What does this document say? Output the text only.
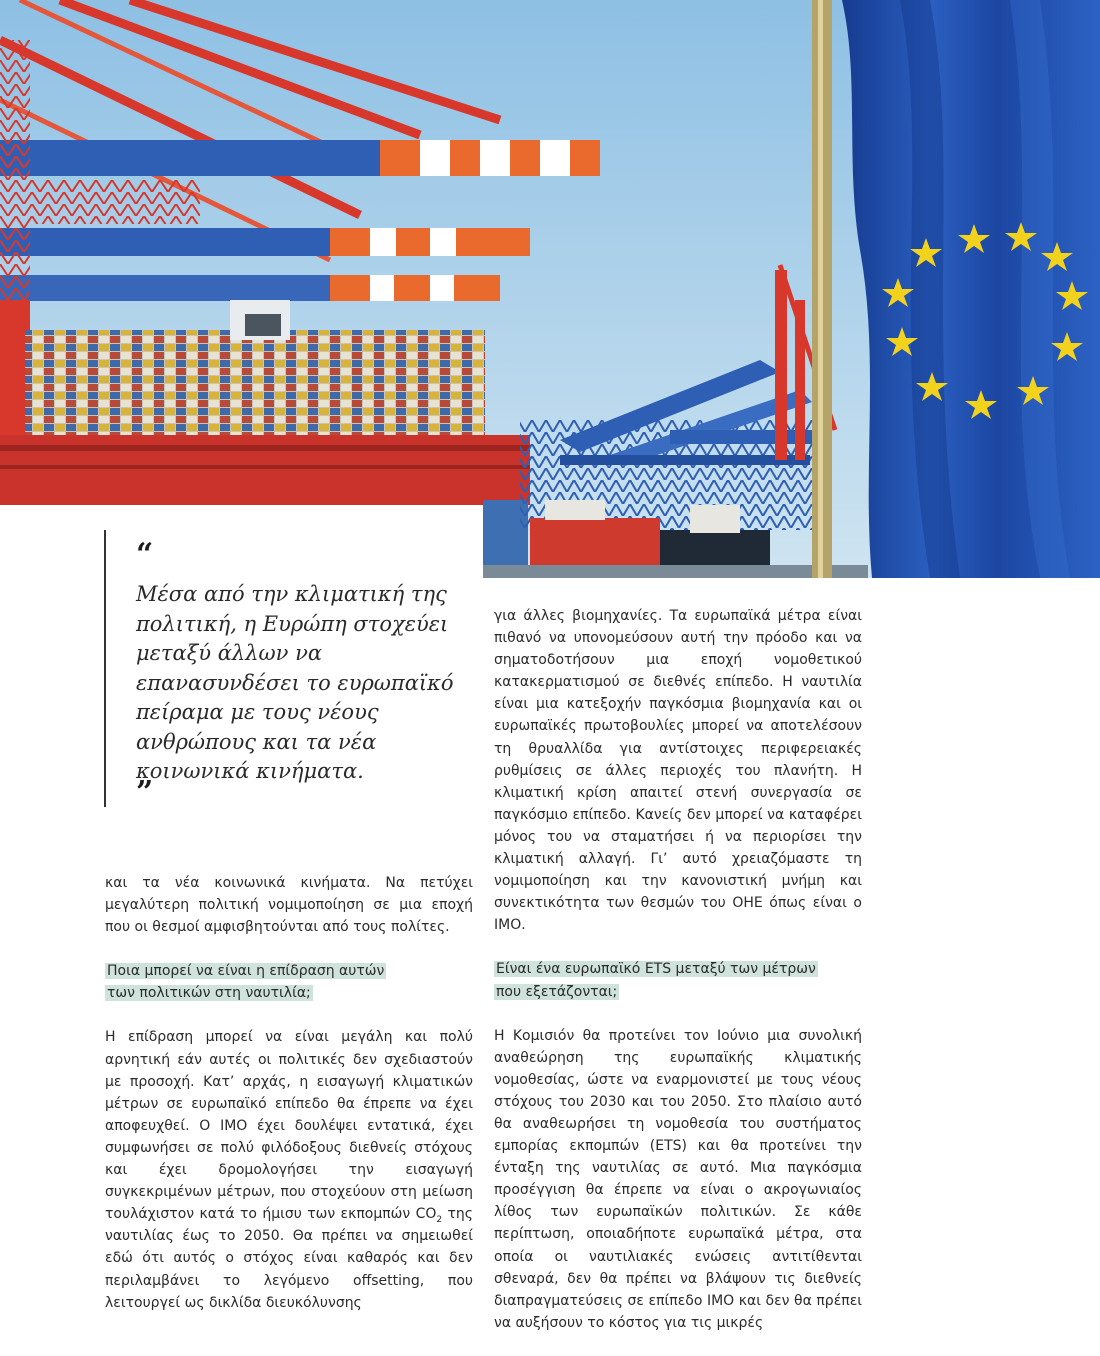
“

Μέσα από την κλιματική της πολιτική, η Ευρώπη στοχεύει μεταξύ άλλων να επανασυνδέσει το ευρωπαϊκό πείραμα με τους νέους ανθρώπους και τα νέα κοινωνικά κινήματα.

”

και τα νέα κοινωνικά κινήματα. Να πετύχει μεγαλύτερη πολιτική νομιμοποίηση σε μια εποχή που οι θεσμοί αμφισβητούνται από τους πολίτες.

Ποια μπορεί να είναι η επίδραση αυτών των πολιτικών στη ναυτιλία;

Η επίδραση μπορεί να είναι μεγάλη και πολύ αρνητική εάν αυτές οι πολιτικές δεν σχεδιαστούν με προσοχή. Κατ’ αρχάς, η εισαγωγή κλιματικών μέτρων σε ευρωπαϊκό επίπεδο θα έπρεπε να έχει αποφευχθεί. Ο ΙΜΟ έχει δουλέψει εντατικά, έχει συμφωνήσει σε πολύ φιλόδοξους διεθνείς στόχους και έχει δρομολογήσει την εισαγωγή συγκεκριμένων μέτρων, που στοχεύουν στη μείωση τουλάχιστον κατά το ήμισυ των εκπομπών $CO_2$ της ναυτιλίας έως το 2050. Θα πρέπει να σημειωθεί εδώ ότι αυτός ο στόχος είναι καθαρός και δεν περιλαμβάνει το λεγόμενο offsetting, που λειτουργεί ως δικλίδα διευκόλυνσης

για άλλες βιομηχανίες. Τα ευρωπαϊκά μέτρα είναι πιθανό να υπονομεύσουν αυτή την πρόοδο και να σηματοδοτήσουν μια εποχή νομοθετικού κατακερματισμού σε διεθνές επίπεδο. Η ναυτιλία είναι μια κατεξοχήν παγκόσμια βιομηχανία και οι ευρωπαϊκές πρωτοβουλίες μπορεί να αποτελέσουν τη θρυαλλίδα για αντίστοιχες περιφερειακές ρυθμίσεις σε άλλες περιοχές του πλανήτη. Η κλιματική κρίση απαιτεί στενή συνεργασία σε παγκόσμιο επίπεδο. Κανείς δεν μπορεί να καταφέρει μόνος του να σταματήσει ή να περιορίσει την κλιματική αλλαγή. Γι’ αυτό χρειαζόμαστε τη νομιμοποίηση και την κανονιστική μνήμη και συνεκτικότητα των θεσμών του ΟΗΕ όπως είναι ο ΙΜΟ.

Είναι ένα ευρωπαϊκό ETS μεταξύ των μέτρων που εξετάζονται;

Η Κομισιόν θα προτείνει τον Ιούνιο μια συνολική αναθεώρηση της ευρωπαϊκής κλιματικής νομοθεσίας, ώστε να εναρμονιστεί με τους νέους στόχους του 2030 και του 2050. Στο πλαίσιο αυτό θα αναθεωρήσει τη νομοθεσία του συστήματος εμπορίας εκπομπών (ETS) και θα προτείνει την ένταξη της ναυτιλίας σε αυτό. Μια παγκόσμια προσέγγιση θα έπρεπε να είναι ο ακρογωνιαίος λίθος των ευρωπαϊκών πολιτικών. Σε κάθε περίπτωση, οποιαδήποτε ευρωπαϊκά μέτρα, στα οποία οι ναυτιλιακές ενώσεις αντιτίθενται σθεναρά, δεν θα πρέπει να βλάψουν τις διεθνείς διαπραγματεύσεις σε επίπεδο ΙΜΟ και δεν θα πρέπει να αυξήσουν το κόστος για τις μικρές
